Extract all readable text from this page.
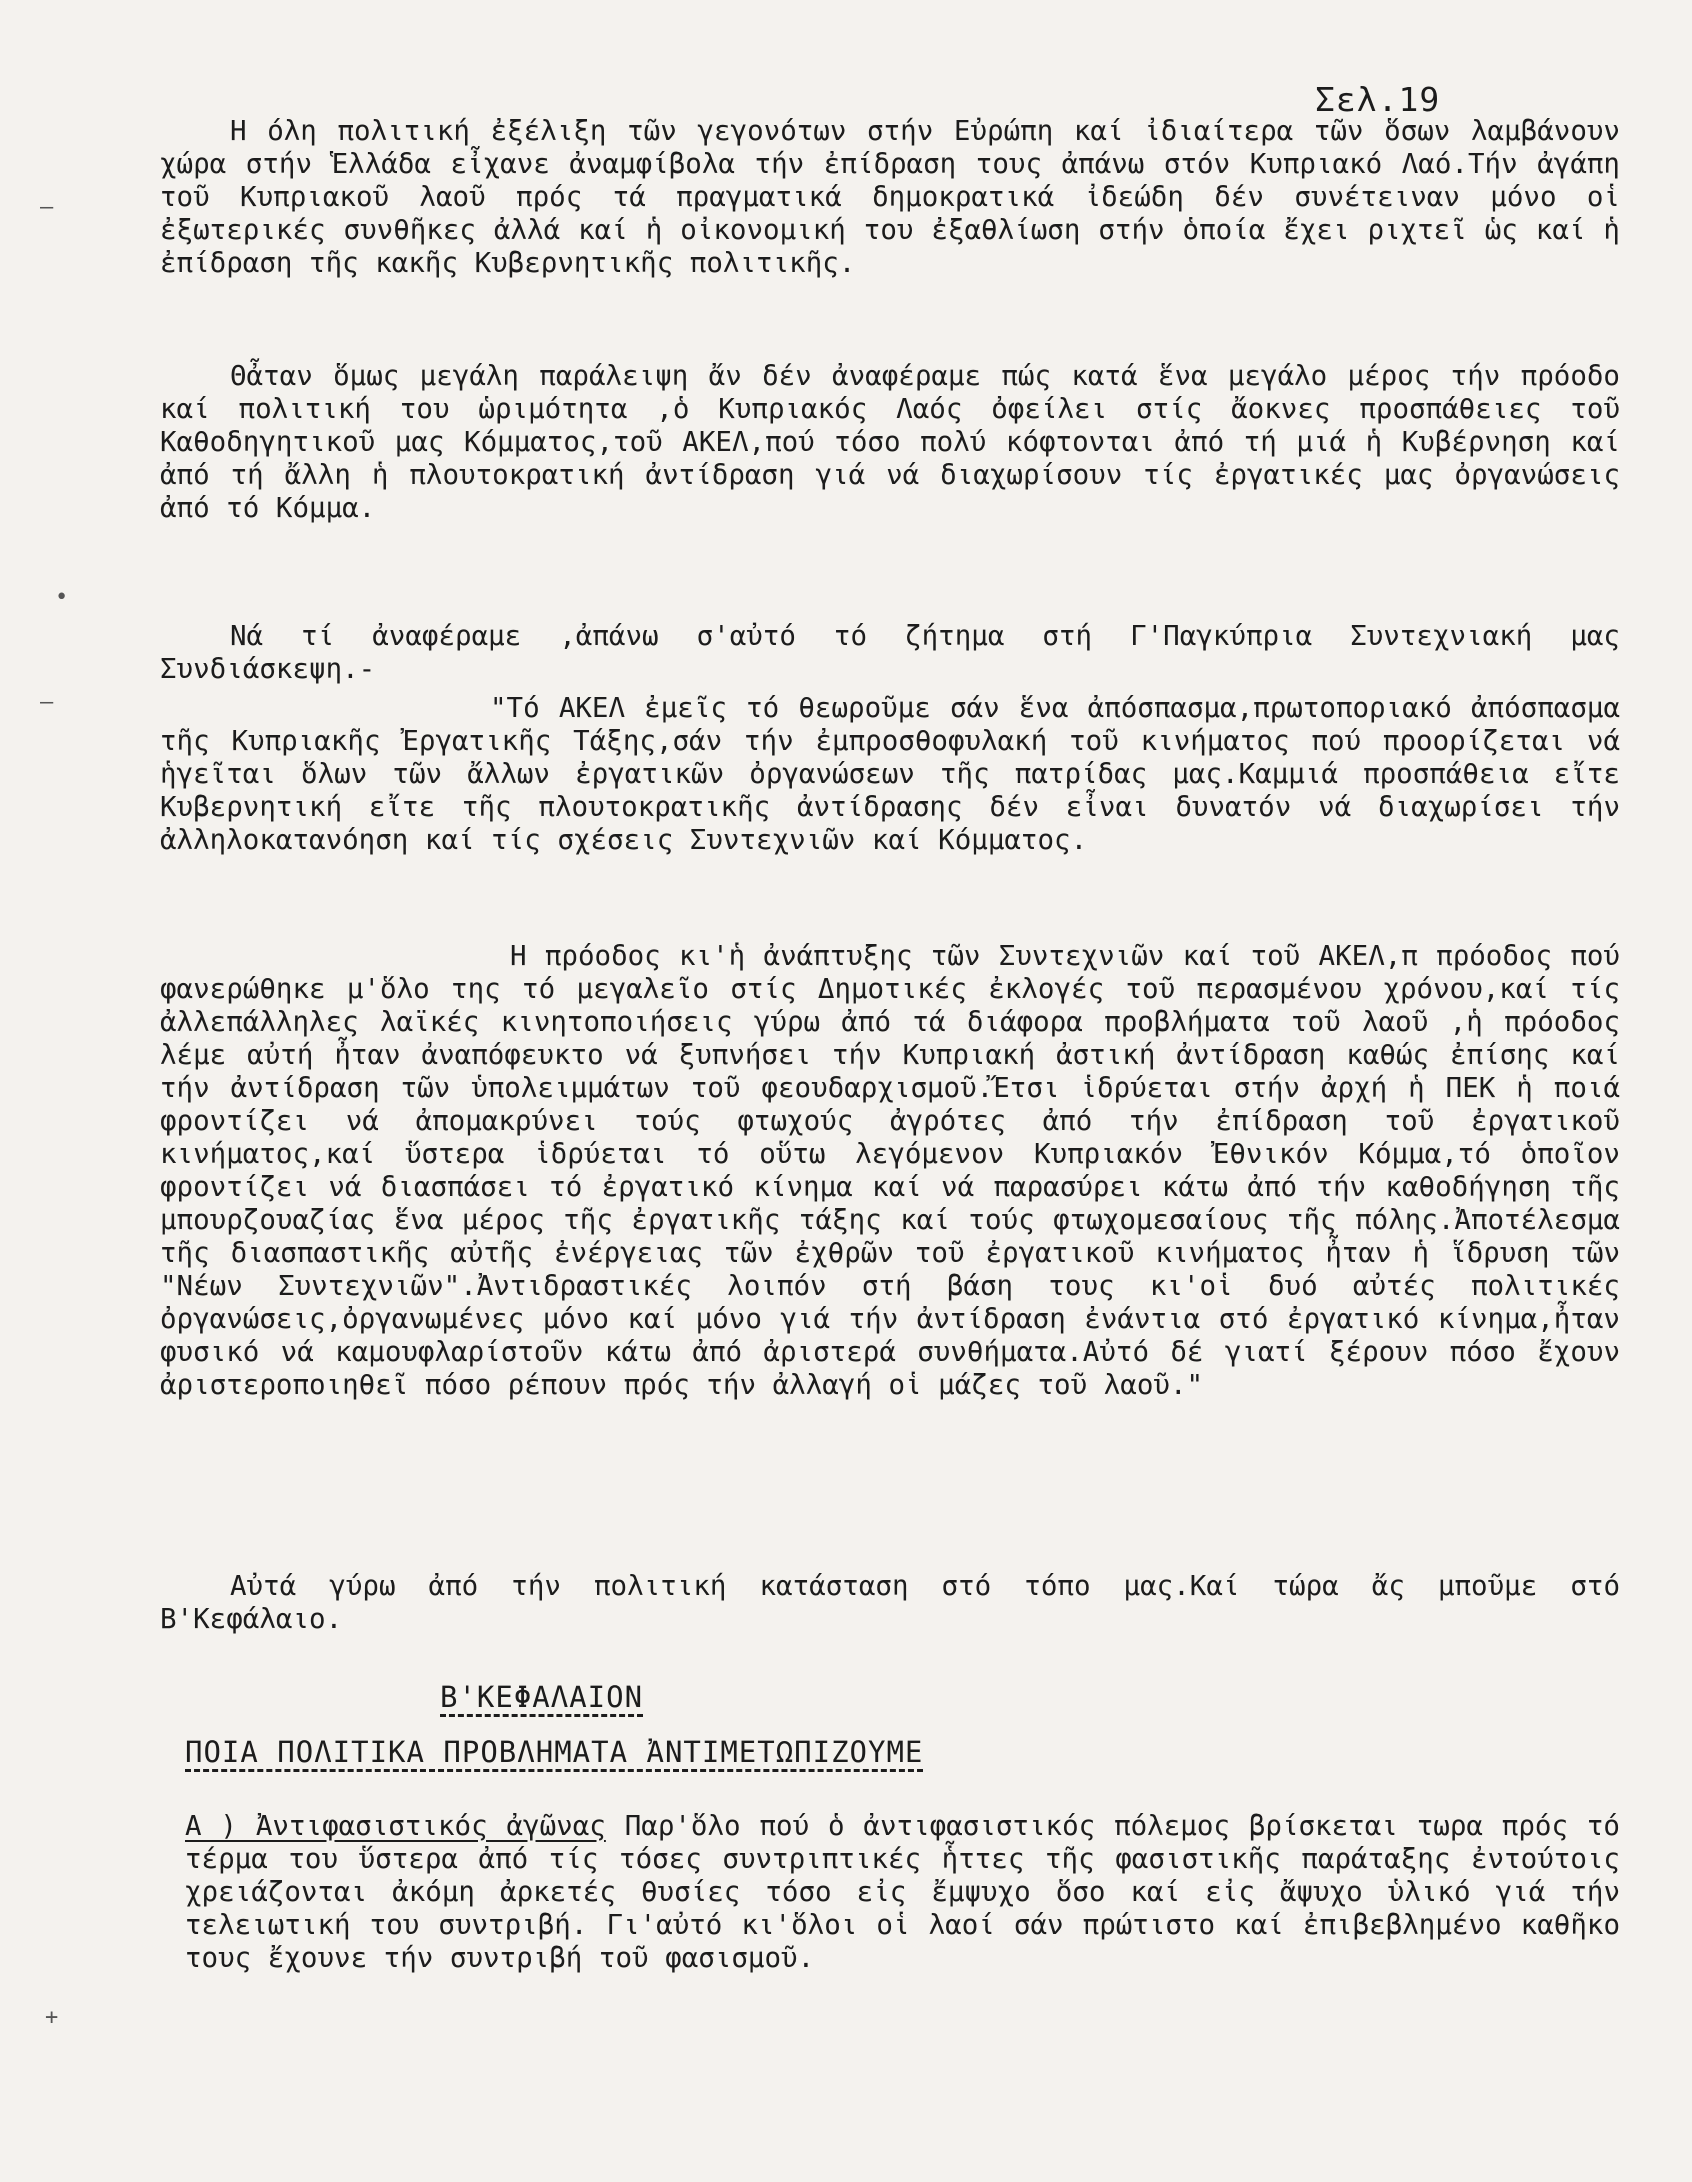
Σελ.19

Η όλη πολιτική ἐξέλιξη τῶν γεγονότων στήν Εὐρώπη καί ἰδιαίτερα τῶν ὅσων λαμβάνουν χώρα στήν Ἑλλάδα εἶχανε ἀναμφίβολα τήν ἐπίδραση τους ἀπάνω στόν Κυπριακό Λαό.Τήν ἀγάπη τοῦ Κυπριακοῦ λαοῦ πρός τά πραγματικά δημοκρατικά ἰδεώδη δέν συνέτειναν μόνο οἱ ἐξωτερικές συνθῆκες ἀλλά καί ἡ οἰκονομική του ἐξαθλίωση στήν ὁποία ἔχει ριχτεῖ ὡς καί ἡ ἐπίδραση τῆς κακῆς Κυβερνητικῆς πολιτικῆς.

Θἆταν ὅμως μεγάλη παράλειψη ἄν δέν ἀναφέραμε πώς κατά ἕνα μεγάλο μέρος τήν πρόοδο καί πολιτική του ὡριμότητα ,ὁ Κυπριακός Λαός ὀφείλει στίς ἄοκνες προσπάθειες τοῦ Καθοδηγητικοῦ μας Κόμματος,τοῦ ΑΚΕΛ,πού τόσο πολύ κόφτονται ἀπό τή μιά ἡ Κυβέρνηση καί ἀπό τή ἄλλη ἡ πλουτοκρατική ἀντίδραση γιά νά διαχωρίσουν τίς ἐργατικές μας ὀργανώσεις ἀπό τό Κόμμα.

Νά τί ἀναφέραμε ,ἀπάνω σ'αὐτό τό ζήτημα στή Γ'Παγκύπρια Συντεχνιακή μας Συνδιάσκεψη.-

"Τό ΑΚΕΛ ἐμεῖς τό θεωροῦμε σάν ἕνα ἀπόσπασμα,πρωτοποριακό ἀπόσπασμα τῆς Κυπριακῆς Ἐργατικῆς Τάξης,σάν τήν ἐμπροσθοφυλακή τοῦ κινήματος πού προορίζεται νά ἡγεῖται ὅλων τῶν ἄλλων ἐργατικῶν ὀργανώσεων τῆς πατρίδας μας.Καμμιά προσπάθεια εἴτε Κυβερνητική εἴτε τῆς πλουτοκρατικῆς ἀντίδρασης δέν εἶναι δυνατόν νά διαχωρίσει τήν ἀλληλοκατανόηση καί τίς σχέσεις Συντεχνιῶν καί Κόμματος.

Η πρόοδος κι'ἡ ἀνάπτυξης τῶν Συντεχνιῶν καί τοῦ ΑΚΕΛ,π πρόοδος πού φανερώθηκε μ'ὅλο της τό μεγαλεῖο στίς Δημοτικές ἐκλογές τοῦ περασμένου χρόνου,καί τίς ἀλλεπάλληλες λαϊκές κινητοποιήσεις γύρω ἀπό τά διάφορα προβλήματα τοῦ λαοῦ ,ἡ πρόοδος λέμε αὐτή ἦταν ἀναπόφευκτο νά ξυπνήσει τήν Κυπριακή ἀστική ἀντίδραση καθώς ἐπίσης καί τήν ἀντίδραση τῶν ὑπολειμμάτων τοῦ φεουδαρχισμοῦ.Ἔτσι ἱδρύεται στήν ἀρχή ἡ ΠΕΚ ἡ ποιά φροντίζει νά ἀπομακρύνει τούς φτωχούς ἀγρότες ἀπό τήν ἐπίδραση τοῦ ἐργατικοῦ κινήματος,καί ὕστερα ἱδρύεται τό οὕτω λεγόμενον Κυπριακόν Ἐθνικόν Κόμμα,τό ὁποῖον φροντίζει νά διασπάσει τό ἐργατικό κίνημα καί νά παρασύρει κάτω ἀπό τήν καθοδήγηση τῆς μπουρζουαζίας ἕνα μέρος τῆς ἐργατικῆς τάξης καί τούς φτωχομεσαίους τῆς πόλης.Ἀποτέλεσμα τῆς διασπαστικῆς αὐτῆς ἐνέργειας τῶν ἐχθρῶν τοῦ ἐργατικοῦ κινήματος ἦταν ἡ ἵδρυση τῶν "Νέων Συντεχνιῶν".Ἀντιδραστικές λοιπόν στή βάση τους κι'οἱ δυό αὐτές πολιτικές ὀργανώσεις,ὀργανωμένες μόνο καί μόνο γιά τήν ἀντίδραση ἐνάντια στό ἐργατικό κίνημα,ἦταν φυσικό νά καμουφλαρίστοῦν κάτω ἀπό ἀριστερά συνθήματα.Αὐτό δέ γιατί ξέρουν πόσο ἔχουν ἀριστεροποιηθεῖ πόσο ρέπουν πρός τήν ἀλλαγή οἱ μάζες τοῦ λαοῦ."

Αὐτά γύρω ἀπό τήν πολιτική κατάσταση στό τόπο μας.Καί τώρα ἄς μποῦμε στό Β'Κεφάλαιο.

Β'ΚΕΦΑΛΑΙΟΝ
ΠΟΙΑ ΠΟΛΙΤΙΚΑ ΠΡΟΒΛΗΜΑΤΑ ἈΝΤΙΜΕΤΩΠΙΖΟΥΜΕ

Α ) Ἀντιφασιστικός ἀγῶνας Παρ'ὅλο πού ὁ ἀντιφασιστικός πόλεμος βρίσκεται τωρα πρός τό τέρμα του ὕστερα ἀπό τίς τόσες συντριπτικές ἧττες τῆς φασιστικῆς παράταξης ἐντούτοις χρειάζονται ἀκόμη ἀρκετές θυσίες τόσο εἰς ἔμψυχο ὅσο καί εἰς ἄψυχο ὑλικό γιά τήν τελειωτική του συντριβή. Γι'αὐτό κι'ὅλοι οἱ λαοί σάν πρώτιστο καί ἐπιβεβλημένο καθῆκο τους ἔχουνε τήν συντριβή τοῦ φασισμοῦ.

—
•
—
+
